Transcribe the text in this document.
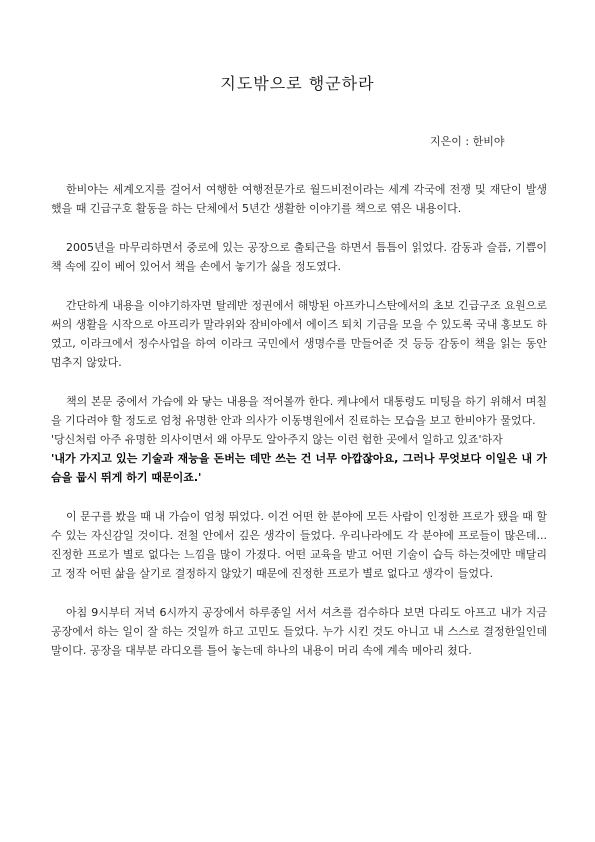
지도밖으로 행군하라
지은이 : 한비야

한비야는 세계오지를 걸어서 여행한 여행전문가로 월드비전이라는 세계 각국에 전쟁 및 재단이 발생했을 때 긴급구호 활동을 하는 단체에서 5년간 생활한 이야기를 책으로 엮은 내용이다.

2005년을 마무리하면서 중로에 있는 공장으로 출퇴근을 하면서 틈틈이 읽었다. 감동과 슬픔, 기쁨이 책 속에 깊이 베어 있어서 책을 손에서 놓기가 싫을 정도였다.

간단하게 내용을 이야기하자면 탈레반 정권에서 해방된 아프카니스탄에서의 초보 긴급구조 요원으로써의 생활을 시작으로 아프리카 말라위와 잠비아에서 에이즈 퇴치 기금을 모을 수 있도록 국내 홍보도 하였고, 이라크에서 정수사업을 하여 이라크 국민에서 생명수를 만들어준 것 등등 감동이 책을 읽는 동안 멈추지 않았다.

책의 본문 중에서 가슴에 와 닿는 내용을 적어볼까 한다. 케냐에서 대통령도 미팅을 하기 위해서 며칠을 기다려야 할 정도로 엄청 유명한 안과 의사가 이동병원에서 진료하는 모습을 보고 한비야가 물었다.

'당신처럼 아주 유명한 의사이면서 왜 아무도 알아주지 않는 이런 험한 곳에서 일하고 있죠'하자

'내가 가지고 있는 기술과 재능을 돈버는 데만 쓰는 건 너무 아깝잖아요, 그러나 무엇보다 이일은 내 가슴을 뭅시 뛰게 하기 때문이죠.'

이 문구를 봤을 때 내 가슴이 엄청 뛰었다. 이건 어떤 한 분야에 모든 사람이 인정한 프로가 됐을 때 할 수 있는 자신감일 것이다. 전철 안에서 깊은 생각이 들었다. 우리나라에도 각 분야에 프로들이 많은데...진정한 프로가 별로 없다는 느낌을 많이 가졌다. 어떤 교육을 받고 어떤 기술이 습득 하는것에만 매달리고 정작 어떤 삶을 살기로 결정하지 않았기 때문에 진정한 프로가 별로 없다고 생각이 들었다.

아침 9시부터 저녁 6시까지 공장에서 하루종일 서서 셔츠를 검수하다 보면 다리도 아프고 내가 지금 공장에서 하는 일이 잘 하는 것일까 하고 고민도 들었다. 누가 시킨 것도 아니고 내 스스로 결정한일인데 말이다. 공장을 대부분 라디오를 틀어 놓는데 하나의 내용이 머리 속에 계속 메아리 쳤다.
